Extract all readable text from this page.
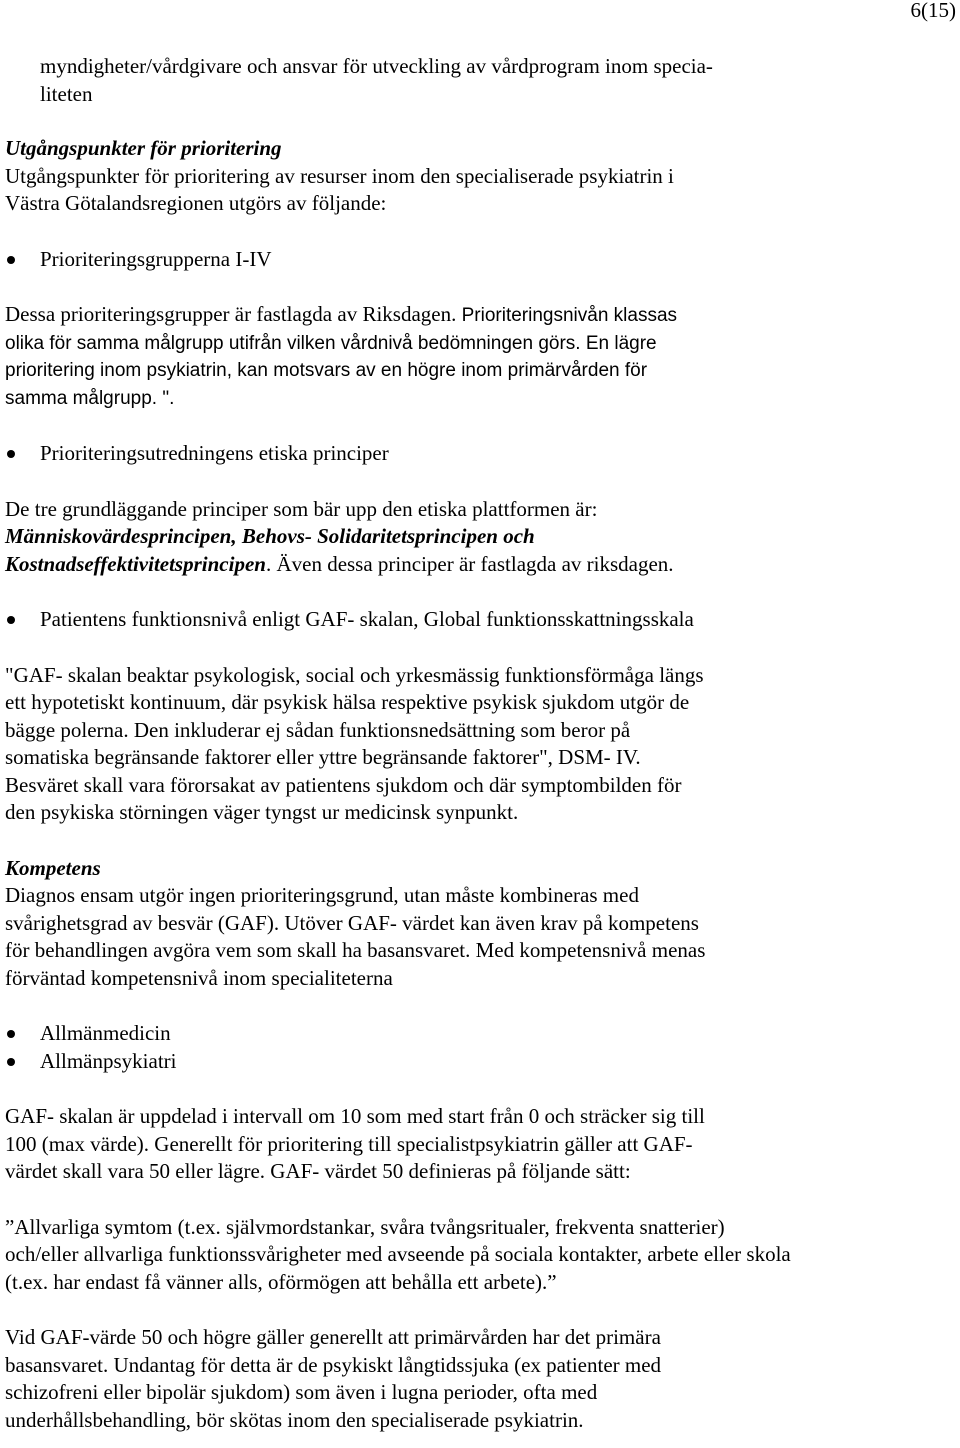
6(15)

myndigheter/vårdgivare och ansvar för utveckling av vårdprogram inom specia-

liteten

Utgångspunkter för prioritering

Utgångspunkter för prioritering av resurser inom den specialiserade psykiatrin i

Västra Götalandsregionen utgörs av följande:

Prioriteringsgrupperna I-IV

Dessa prioriteringsgrupper är fastlagda av Riksdagen. Prioriteringsnivån klassas

olika för samma målgrupp utifrån vilken vårdnivå bedömningen görs. En lägre

prioritering inom psykiatrin, kan motsvars av en högre inom primärvården för

samma målgrupp. ".

Prioriteringsutredningens etiska principer

De tre grundläggande principer som bär upp den etiska plattformen är:

Människovärdesprincipen, Behovs- Solidaritetsprincipen och

Kostnadseffektivitetsprincipen. Även dessa principer är fastlagda av riksdagen.

Patientens funktionsnivå enligt GAF- skalan, Global funktionsskattningsskala

"GAF- skalan beaktar psykologisk, social och yrkesmässig funktionsförmåga längs

ett hypotetiskt kontinuum, där psykisk hälsa respektive psykisk sjukdom utgör de

bägge polerna. Den inkluderar ej sådan funktionsnedsättning som beror på

somatiska begränsande faktorer eller yttre begränsande faktorer", DSM- IV.

Besväret skall vara förorsakat av patientens sjukdom och där symptombilden för

den psykiska störningen väger tyngst ur medicinsk synpunkt.

Kompetens

Diagnos ensam utgör ingen prioriteringsgrund, utan måste kombineras med

svårighetsgrad av besvär (GAF). Utöver GAF- värdet kan även krav på kompetens

för behandlingen avgöra vem som skall ha basansvaret. Med kompetensnivå menas

förväntad kompetensnivå inom specialiteterna

Allmänmedicin

Allmänpsykiatri

GAF- skalan är uppdelad i intervall om 10 som med start från 0 och sträcker sig till

100 (max värde). Generellt för prioritering till specialistpsykiatrin gäller att GAF-

värdet skall vara 50 eller lägre. GAF- värdet 50 definieras på följande sätt:

”Allvarliga symtom (t.ex. självmordstankar, svåra tvångsritualer, frekventa snatterier)

och/eller allvarliga funktionssvårigheter med avseende på sociala kontakter, arbete eller skola

(t.ex. har endast få vänner alls, oförmögen att behålla ett arbete).”

Vid GAF-värde 50 och högre gäller generellt att primärvården har det primära

basansvaret. Undantag för detta är de psykiskt långtidssjuka (ex patienter med

schizofreni eller bipolär sjukdom) som även i lugna perioder, ofta med

underhållsbehandling, bör skötas inom den specialiserade psykiatrin.
